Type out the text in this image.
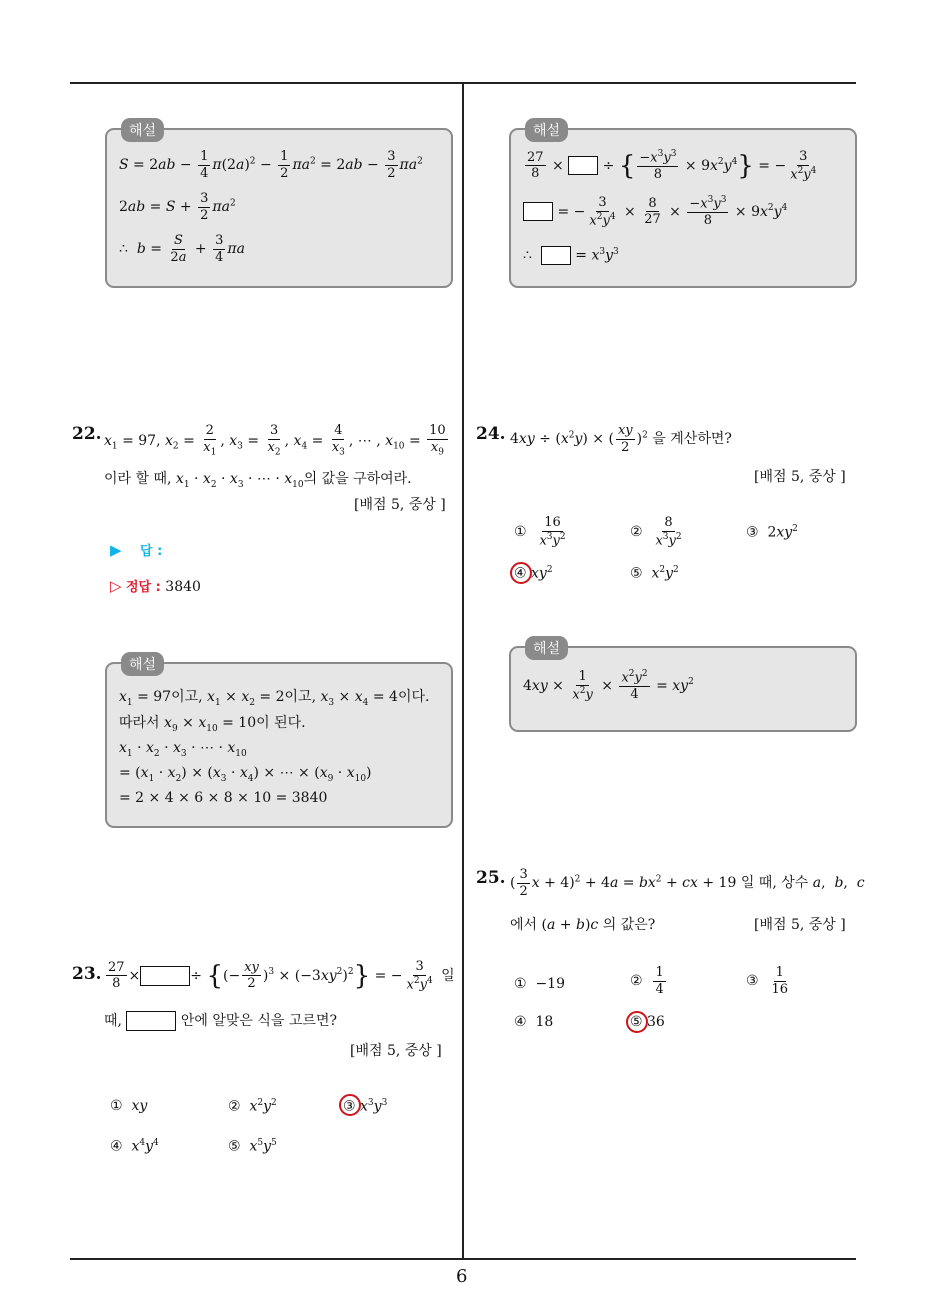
6
해설
$S = 2ab - \frac{1}{4} \pi(2a)^2 - \frac{1}{2} \pi a^2 = 2ab - \frac{3}{2} \pi a^2$
$2ab = S + \frac{3}{2} \pi a^2$
∴  $b = \frac{S}{2a} + \frac{3}{4}$ πa
22. $x_1 = 97$, $x_2 = \frac{2}{x_1}$ , $x_3 = \frac{3}{x_2}$ , $x_4 = \frac{4}{x_3}$ , ⋯ , $x_{10} = \frac{10}{x_9}$
이라 할 때, $x_1 \cdot x_2 \cdot x_3$ · ⋯ · $x_{10}$의 값을 구하여라.
[배점 5, 중상 ]
▶ 답 :
▷ 정답 : 3840
해설
$x_1 = 97$이고, $x_1 \times x_2 = 2$이고, $x_3 \times x_4 = 4$이다.
따라서 $x_9 \times x_{10} = 10$이 된다.
$x_1 \cdot x_2 \cdot x_3$ · ⋯ · $x_{10}$
= $(x_1 \cdot x_2) \times (x_3 \cdot x_4)$ × ⋯ × $(x_9 \cdot x_{10})$
= 2 × 4 × 6 × 8 × 10 = 3840
23. $\frac{27}{8}$ ×	÷ {(− $\frac{xy}{2} )^3 \times (-3xy^2)^2$} = − $\frac{3}{x^2y^4}$ 일
때,	안에 알맞은 식을 고르면?
[배점 5, 중상 ]
①  xy	②  $x^2y^2$	③ $x^3y^3$
④  $x^4y^4$	⑤  $x^5y^5$
해설
$\frac{27}{8}$ ×  ÷ { $\frac{-x^3y^3}{8} \times 9x^2y^4$} = − $\frac{3}{x^2y^4}$
= − $\frac{3}{x^2y^4} \times \frac{8}{27} \times \frac{-x^3y^3}{8} \times 9x^2y^4$
∴   = $x^3y^3$
24. $4xy \div (x^2y)$ × ( $\frac{xy}{2} )^2$ 을 계산하면?
[배점 5, 중상 ]
① $\frac{16}{x^3y^2}$	② $\frac{8}{x^3y^2}$	③  $2xy^2$
④ $xy^2$	⑤  $x^2y^2$
해설
$4xy \times \frac{1}{x^2y} \times \frac{x^2y^2}{4} = xy^2$
25. ( $\frac{3}{2}$ $x + 4)^2 + 4a = bx^2$ + cx + 19 일 때, 상수 a,  b,  c
에서 (a + b)c 의 값은?	[배점 5, 중상 ]
①  −19	② $\frac{1}{4}$	③ $\frac{1}{16}$
④  18	⑤ 36
